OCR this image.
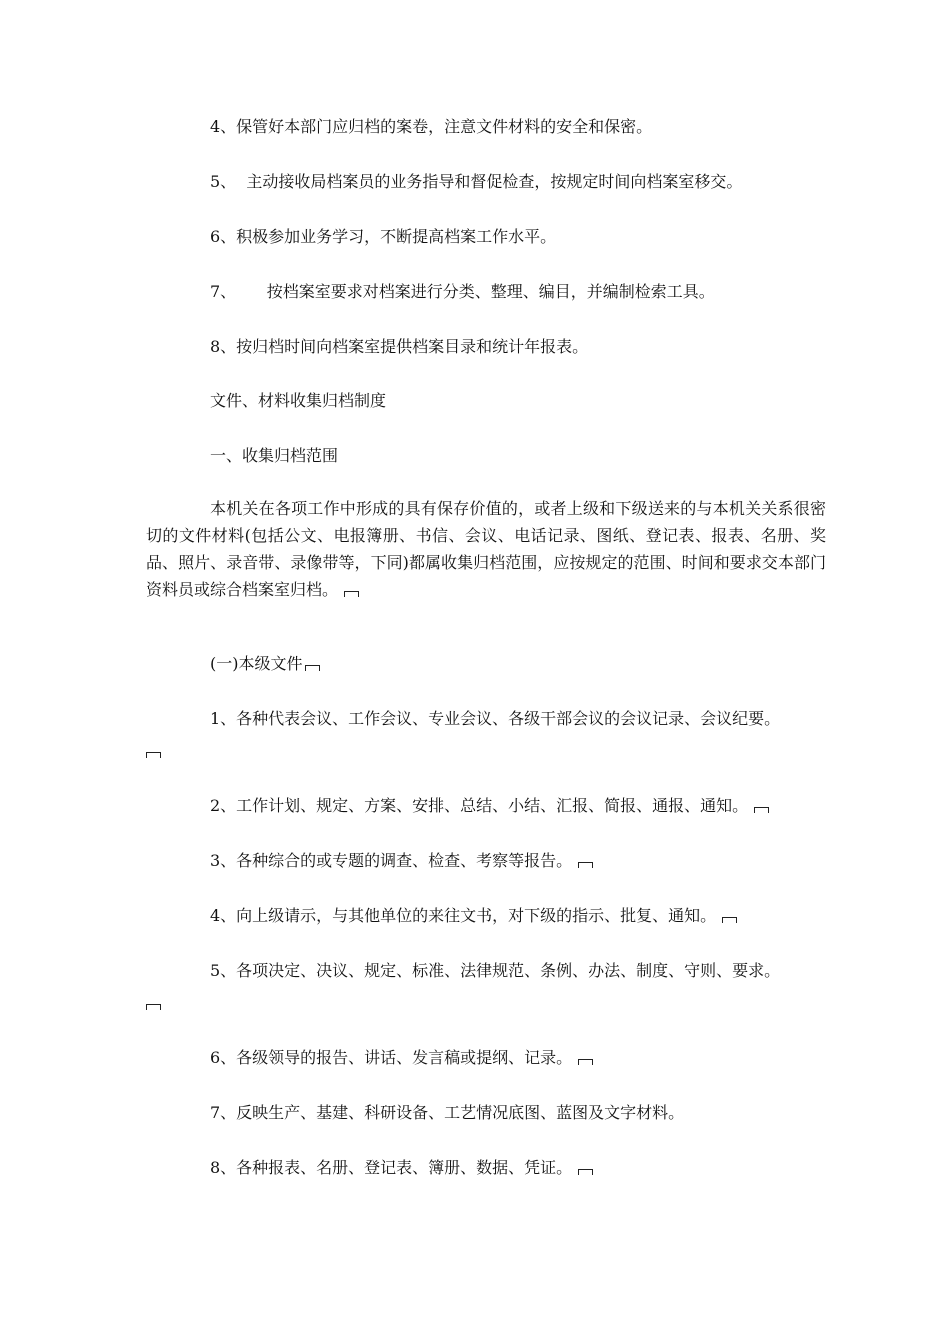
4、保管好本部门应归档的案卷，注意文件材料的安全和保密。
5、  主动接收局档案员的业务指导和督促检查，按规定时间向档案室移交。
6、积极参加业务学习，不断提高档案工作水平。
7、      按档案室要求对档案进行分类、整理、编目，并编制检索工具。
8、按归档时间向档案室提供档案目录和统计年报表。
文件、材料收集归档制度
一、收集归档范围
本机关在各项工作中形成的具有保存价值的，或者上级和下级送来的与本机关关系很密切的文件材料(包括公文、电报簿册、书信、会议、电话记录、图纸、登记表、报表、名册、奖品、照片、录音带、录像带等，下同)都属收集归档范围，应按规定的范围、时间和要求交本部门资料员或综合档案室归档。
(一)本级文件
1、各种代表会议、工作会议、专业会议、各级干部会议的会议记录、会议纪要。
2、工作计划、规定、方案、安排、总结、小结、汇报、简报、通报、通知。
3、各种综合的或专题的调查、检查、考察等报告。
4、向上级请示，与其他单位的来往文书，对下级的指示、批复、通知。
5、各项决定、决议、规定、标准、法律规范、条例、办法、制度、守则、要求。
6、各级领导的报告、讲话、发言稿或提纲、记录。
7、反映生产、基建、科研设备、工艺情况底图、蓝图及文字材料。
8、各种报表、名册、登记表、簿册、数据、凭证。
